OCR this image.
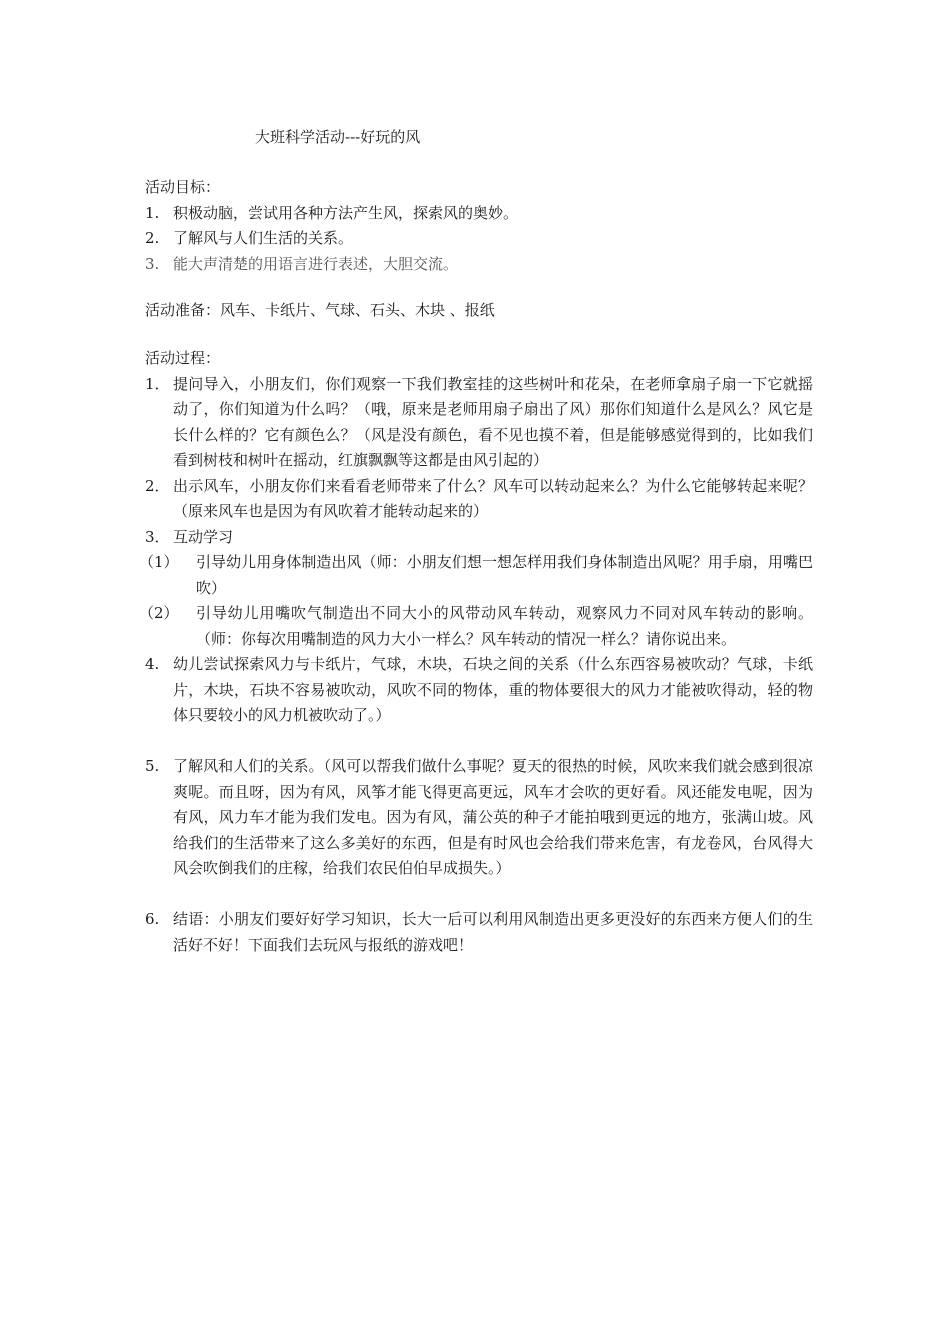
大班科学活动---好玩的风
活动目标：
1. 积极动脑，尝试用各种方法产生风，探索风的奥妙。
2. 了解风与人们生活的关系。
3. 能大声清楚的用语言进行表述，大胆交流。
活动准备：风车、卡纸片、气球、石头、木块 、报纸
活动过程：
1． 提问导入，小朋友们，你们观察一下我们教室挂的这些树叶和花朵，在老师拿扇子扇一下它就摇动了，你们知道为什么吗？（哦，原来是老师用扇子扇出了风）那你们知道什么是风么？风它是长什么样的？它有颜色么？（风是没有颜色，看不见也摸不着，但是能够感觉得到的，比如我们看到树枝和树叶在摇动，红旗飘飘等这都是由风引起的）
2． 出示风车，小朋友你们来看看老师带来了什么？风车可以转动起来么？为什么它能够转起来呢？（原来风车也是因为有风吹着才能转动起来的）
3． 互动学习
（1） 引导幼儿用身体制造出风（师：小朋友们想一想怎样用我们身体制造出风呢？用手扇，用嘴巴吹）
（2） 引导幼儿用嘴吹气制造出不同大小的风带动风车转动，观察风力不同对风车转动的影响。（师：你每次用嘴制造的风力大小一样么？风车转动的情况一样么？请你说出来。
4. 幼儿尝试探索风力与卡纸片，气球，木块，石块之间的关系（什么东西容易被吹动？气球，卡纸片，木块，石块不容易被吹动，风吹不同的物体，重的物体要很大的风力才能被吹得动，轻的物体只要较小的风力机被吹动了。）
5. 了解风和人们的关系。（风可以帮我们做什么事呢？夏天的很热的时候，风吹来我们就会感到很凉爽呢。而且呀，因为有风，风筝才能飞得更高更远，风车才会吹的更好看。风还能发电呢，因为有风，风力车才能为我们发电。因为有风，蒲公英的种子才能拍哦到更远的地方，张满山坡。风给我们的生活带来了这么多美好的东西，但是有时风也会给我们带来危害，有龙卷风，台风得大风会吹倒我们的庄稼，给我们农民伯伯早成损失。）
6. 结语：小朋友们要好好学习知识，长大一后可以利用风制造出更多更没好的东西来方便人们的生活好不好！下面我们去玩风与报纸的游戏吧！
